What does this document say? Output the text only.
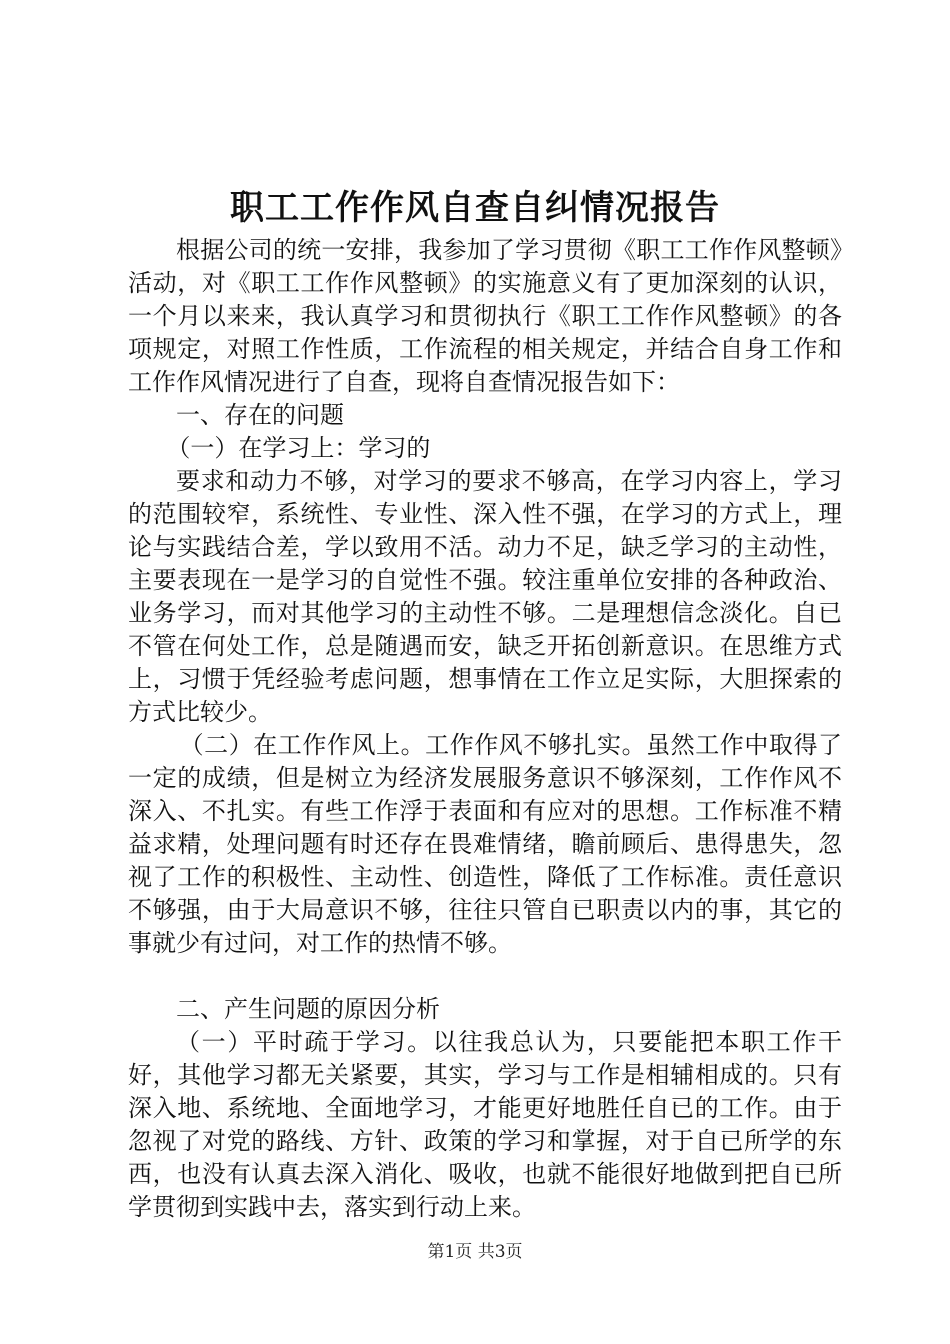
职工工作作风自查自纠情况报告

根据公司的统一安排，我参加了学习贯彻《职工工作作风整顿》活动，对《职工工作作风整顿》的实施意义有了更加深刻的认识，一个月以来来，我认真学习和贯彻执行《职工工作作风整顿》的各项规定，对照工作性质，工作流程的相关规定，并结合自身工作和工作作风情况进行了自查，现将自查情况报告如下：

一、存在的问题

（一）在学习上：学习的

要求和动力不够，对学习的要求不够高，在学习内容上，学习的范围较窄，系统性、专业性、深入性不强，在学习的方式上，理论与实践结合差，学以致用不活。动力不足，缺乏学习的主动性，主要表现在一是学习的自觉性不强。较注重单位安排的各种政治、业务学习，而对其他学习的主动性不够。二是理想信念淡化。自已不管在何处工作，总是随遇而安，缺乏开拓创新意识。在思维方式上，习惯于凭经验考虑问题，想事情在工作立足实际，大胆探索的方式比较少。

（二）在工作作风上。工作作风不够扎实。虽然工作中取得了一定的成绩，但是树立为经济发展服务意识不够深刻，工作作风不深入、不扎实。有些工作浮于表面和有应对的思想。工作标准不精益求精，处理问题有时还存在畏难情绪，瞻前顾后、患得患失，忽视了工作的积极性、主动性、创造性，降低了工作标准。责任意识不够强，由于大局意识不够，往往只管自已职责以内的事，其它的事就少有过问，对工作的热情不够。

二、产生问题的原因分析

（一）平时疏于学习。以往我总认为，只要能把本职工作干好，其他学习都无关紧要，其实，学习与工作是相辅相成的。只有深入地、系统地、全面地学习，才能更好地胜任自已的工作。由于忽视了对党的路线、方针、政策的学习和掌握，对于自已所学的东西，也没有认真去深入消化、吸收，也就不能很好地做到把自已所学贯彻到实践中去，落实到行动上来。

第1页 共3页
